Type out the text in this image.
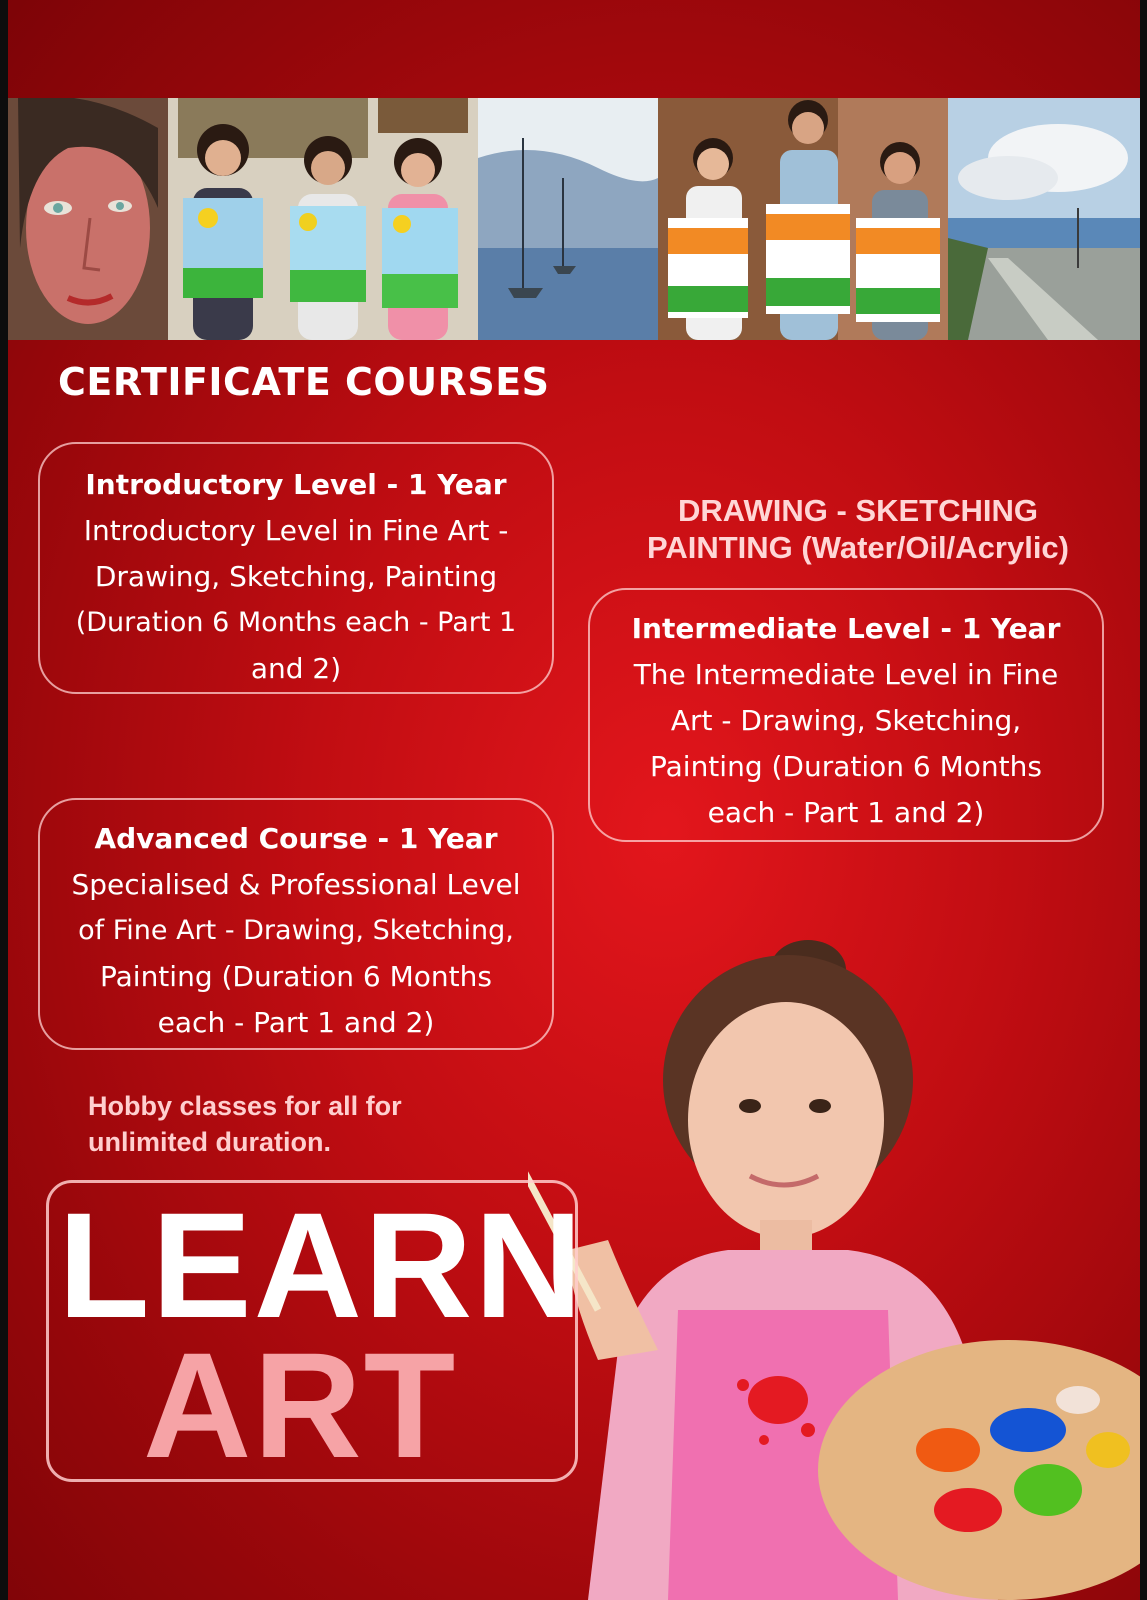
CERTIFICATE COURSES
Introductory Level - 1 Year
Introductory Level in Fine Art -
Drawing, Sketching, Painting
(Duration 6 Months each - Part 1
and 2)
DRAWING - SKETCHING
PAINTING (Water/Oil/Acrylic)
Intermediate Level - 1 Year
The Intermediate Level in Fine
Art - Drawing, Sketching,
Painting (Duration 6 Months
each - Part 1 and 2)
Advanced Course - 1 Year
Specialised & Professional Level
of Fine Art - Drawing, Sketching,
Painting (Duration 6 Months
each - Part 1 and 2)
Hobby classes for all for
unlimited duration.
LEARN
ART
